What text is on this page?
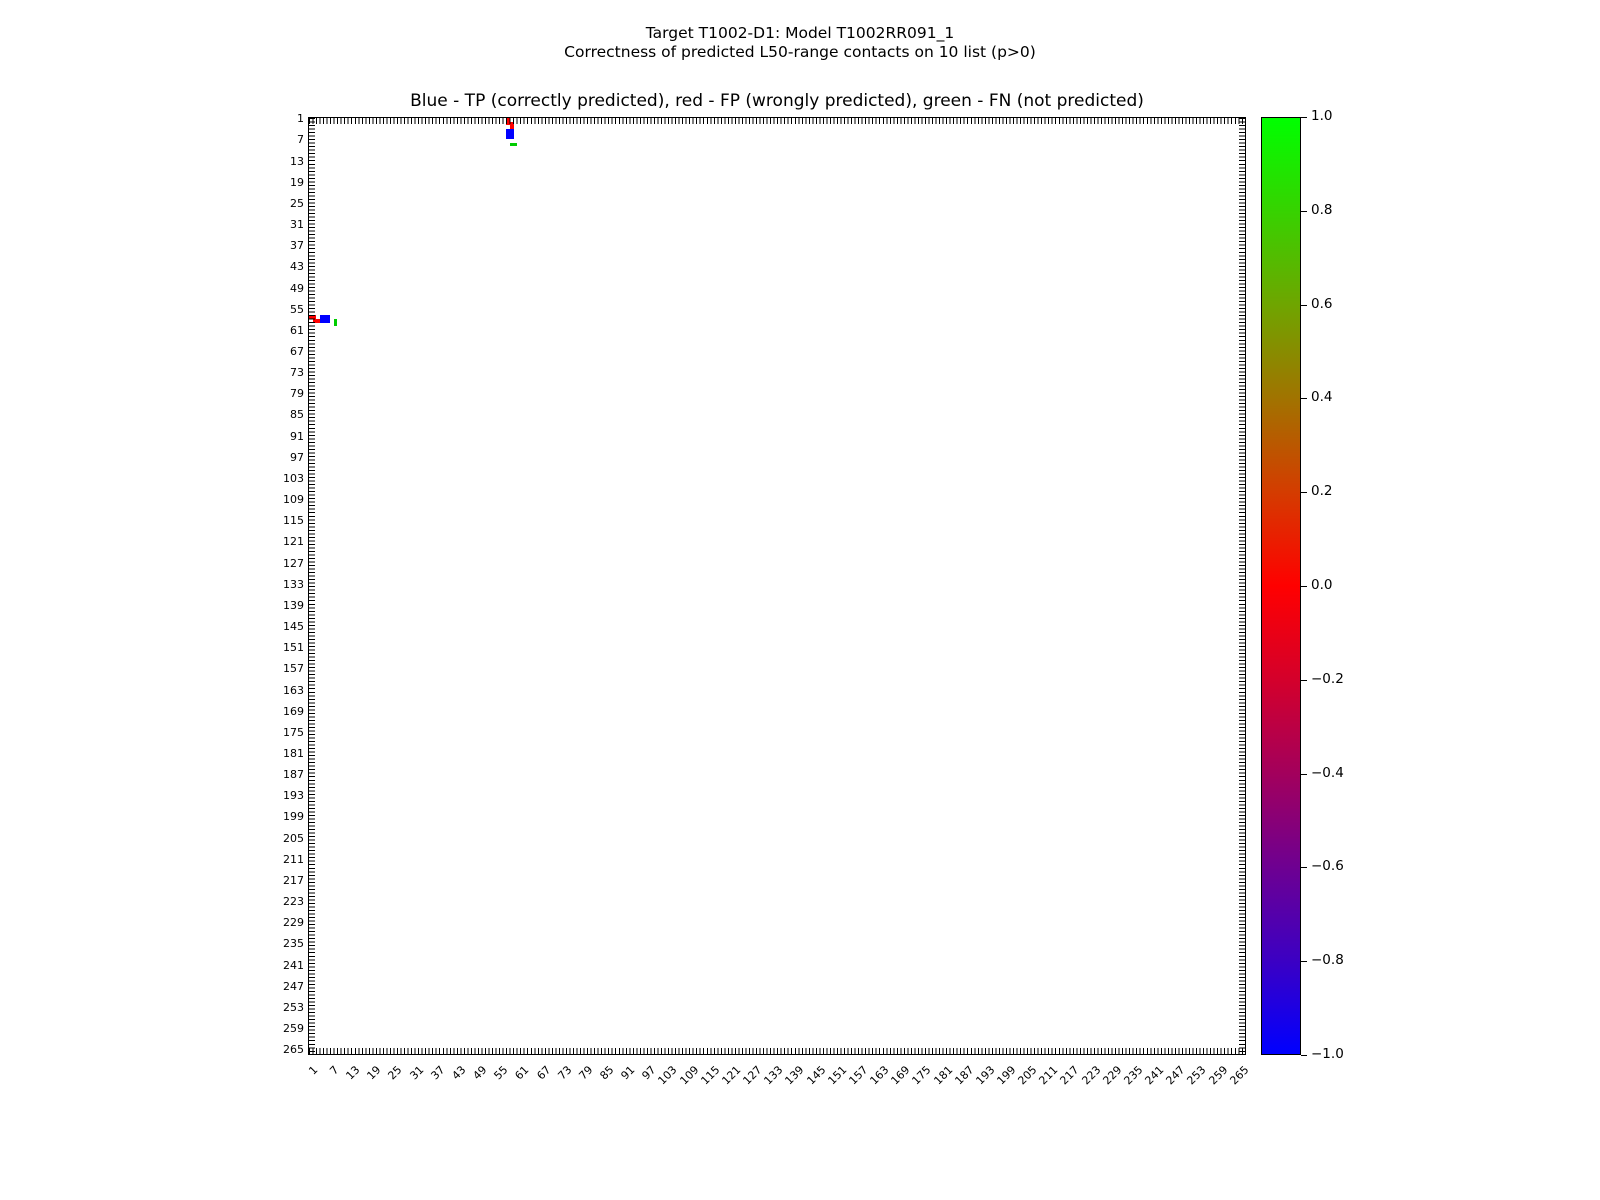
Target T1002-D1: Model T1002RR091_1
Correctness of predicted L50-range contacts on 10 list (p>0)
Blue - TP (correctly predicted), red - FP (wrongly predicted), green - FN (not predicted)
1
7
13
19
25
31
37
43
49
55
61
67
73
79
85
91
97
103
109
115
121
127
133
139
145
151
157
163
169
175
181
187
193
199
205
211
217
223
229
235
241
247
253
259
265
1 7 13 19 25 31 37 43 49 55 61 67 73 79 85 91 97
103
109
115
121
127
133
139
145
151
157
163
169
175
181
187
193
199
205
211
217
223
229
235
241
247
253
259
265
1.0
0.8
0.6
0.4
0.2
0.0
−0.2
−0.4
−0.6
−0.8
−1.0
